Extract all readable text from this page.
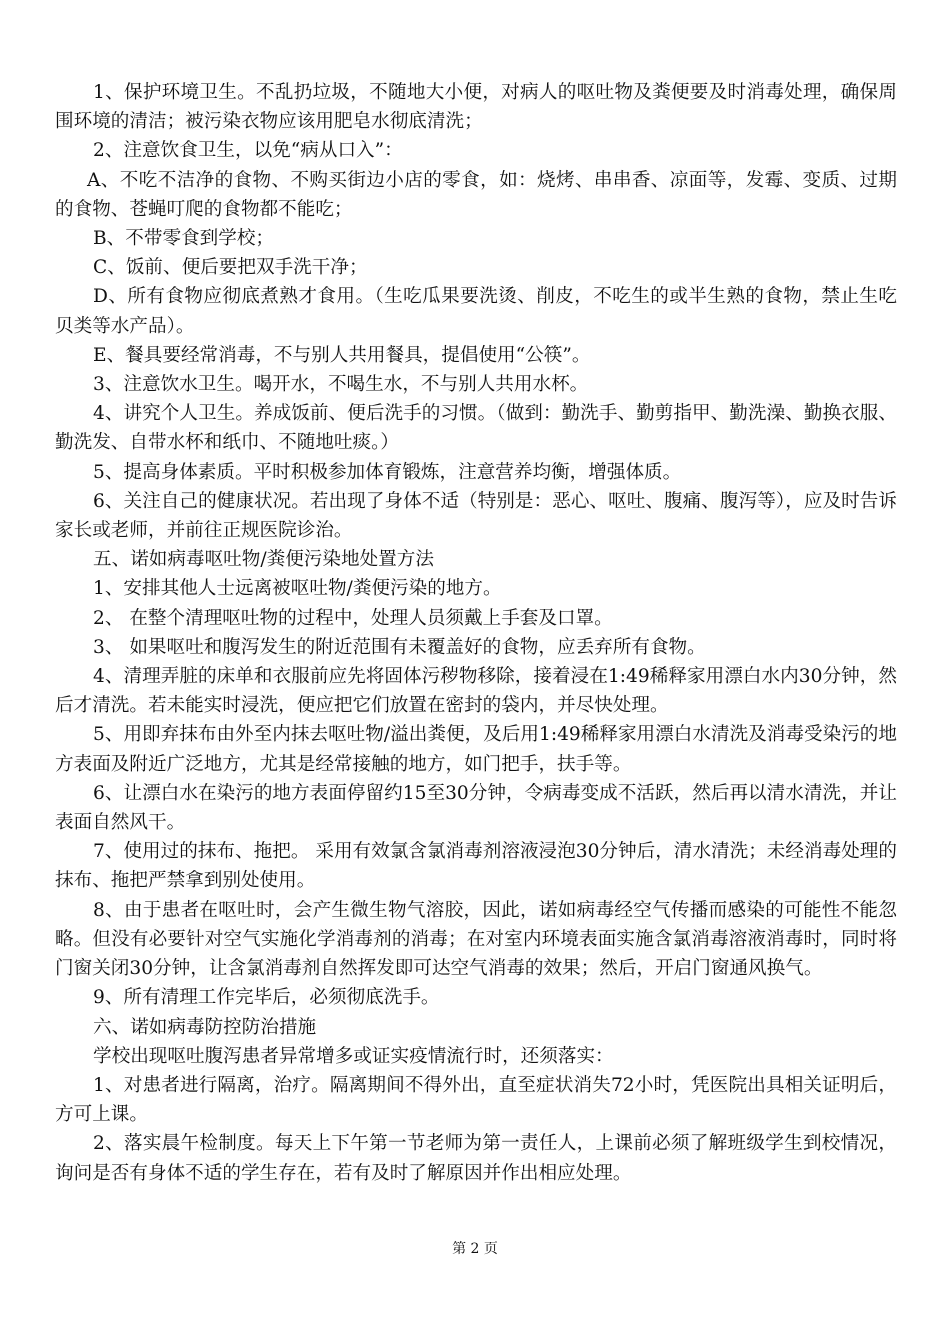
1、保护环境卫生。不乱扔垃圾，不随地大小便，对病人的呕吐物及粪便要及时消毒处理，确保周围环境的清洁；被污染衣物应该用肥皂水彻底清洗；

2、注意饮食卫生，以免“病从口入”：

A、不吃不洁净的食物、不购买街边小店的零食，如：烧烤、串串香、凉面等，发霉、变质、过期的食物、苍蝇叮爬的食物都不能吃；

B、不带零食到学校；

C、饭前、便后要把双手洗干净；

D、所有食物应彻底煮熟才食用。（生吃瓜果要洗烫、削皮，不吃生的或半生熟的食物，禁止生吃贝类等水产品）。

E、餐具要经常消毒，不与别人共用餐具，提倡使用“公筷”。

3、注意饮水卫生。喝开水，不喝生水，不与别人共用水杯。

4、讲究个人卫生。养成饭前、便后洗手的习惯。（做到：勤洗手、勤剪指甲、勤洗澡、勤换衣服、勤洗发、自带水杯和纸巾、不随地吐痰。）

5、提高身体素质。平时积极参加体育锻炼，注意营养均衡，增强体质。

6、关注自己的健康状况。若出现了身体不适（特别是：恶心、呕吐、腹痛、腹泻等），应及时告诉家长或老师，并前往正规医院诊治。

五、诺如病毒呕吐物/粪便污染地处置方法

1、安排其他人士远离被呕吐物/粪便污染的地方。

2、 在整个清理呕吐物的过程中，处理人员须戴上手套及口罩。

3、 如果呕吐和腹泻发生的附近范围有未覆盖好的食物，应丢弃所有食物。

4、清理弄脏的床单和衣服前应先将固体污秽物移除，接着浸在1:49稀释家用漂白水内30分钟，然后才清洗。若未能实时浸洗，便应把它们放置在密封的袋内，并尽快处理。

5、用即弃抹布由外至内抹去呕吐物/溢出粪便，及后用1:49稀释家用漂白水清洗及消毒受染污的地方表面及附近广泛地方，尤其是经常接触的地方，如门把手，扶手等。

6、让漂白水在染污的地方表面停留约15至30分钟，令病毒变成不活跃，然后再以清水清洗，并让表面自然风干。

7、使用过的抹布、拖把。 采用有效氯含氯消毒剂溶液浸泡30分钟后，清水清洗；未经消毒处理的抹布、拖把严禁拿到别处使用。

8、由于患者在呕吐时，会产生微生物气溶胶，因此，诺如病毒经空气传播而感染的可能性不能忽略。但没有必要针对空气实施化学消毒剂的消毒；在对室内环境表面实施含氯消毒溶液消毒时，同时将门窗关闭30分钟，让含氯消毒剂自然挥发即可达空气消毒的效果；然后，开启门窗通风换气。

9、所有清理工作完毕后，必须彻底洗手。

六、诺如病毒防控防治措施

学校出现呕吐腹泻患者异常增多或证实疫情流行时，还须落实：

1、对患者进行隔离，治疗。隔离期间不得外出，直至症状消失72小时，凭医院出具相关证明后，方可上课。

2、落实晨午检制度。每天上下午第一节老师为第一责任人，上课前必须了解班级学生到校情况，询问是否有身体不适的学生存在，若有及时了解原因并作出相应处理。

第 2 页
